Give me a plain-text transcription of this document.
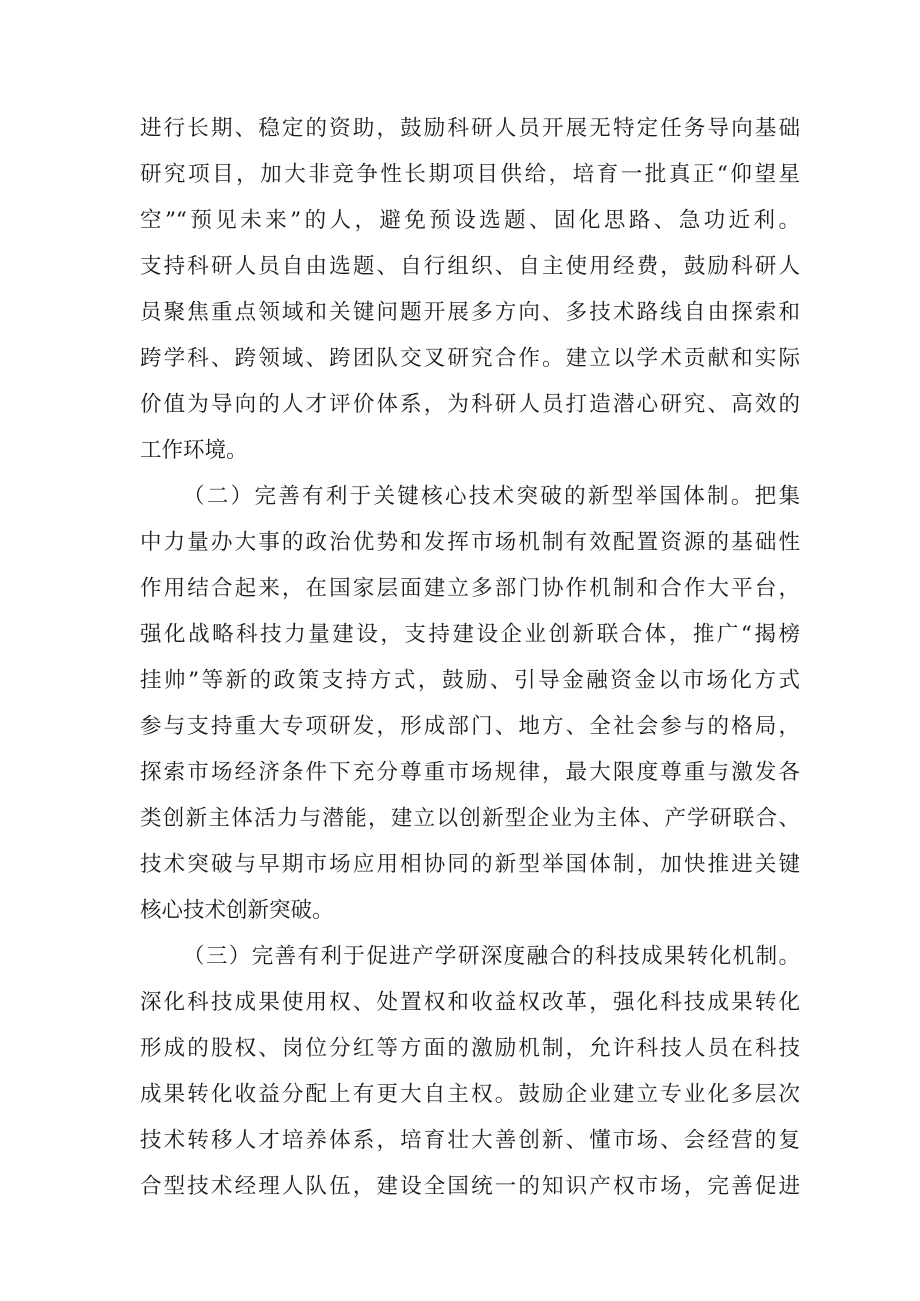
进行长期、稳定的资助，鼓励科研人员开展无特定任务导向基础
研究项目，加大非竞争性长期项目供给，培育一批真正“仰望星
空”“预见未来”的人，避免预设选题、固化思路、急功近利。
支持科研人员自由选题、自行组织、自主使用经费，鼓励科研人
员聚焦重点领域和关键问题开展多方向、多技术路线自由探索和
跨学科、跨领域、跨团队交叉研究合作。建立以学术贡献和实际
价值为导向的人才评价体系，为科研人员打造潜心研究、高效的
工作环境。
（二）完善有利于关键核心技术突破的新型举国体制。把集
中力量办大事的政治优势和发挥市场机制有效配置资源的基础性
作用结合起来，在国家层面建立多部门协作机制和合作大平台，
强化战略科技力量建设，支持建设企业创新联合体，推广“揭榜
挂帅”等新的政策支持方式，鼓励、引导金融资金以市场化方式
参与支持重大专项研发，形成部门、地方、全社会参与的格局，
探索市场经济条件下充分尊重市场规律，最大限度尊重与激发各
类创新主体活力与潜能，建立以创新型企业为主体、产学研联合、
技术突破与早期市场应用相协同的新型举国体制，加快推进关键
核心技术创新突破。
（三）完善有利于促进产学研深度融合的科技成果转化机制。
深化科技成果使用权、处置权和收益权改革，强化科技成果转化
形成的股权、岗位分红等方面的激励机制，允许科技人员在科技
成果转化收益分配上有更大自主权。鼓励企业建立专业化多层次
技术转移人才培养体系，培育壮大善创新、懂市场、会经营的复
合型技术经理人队伍，建设全国统一的知识产权市场，完善促进
